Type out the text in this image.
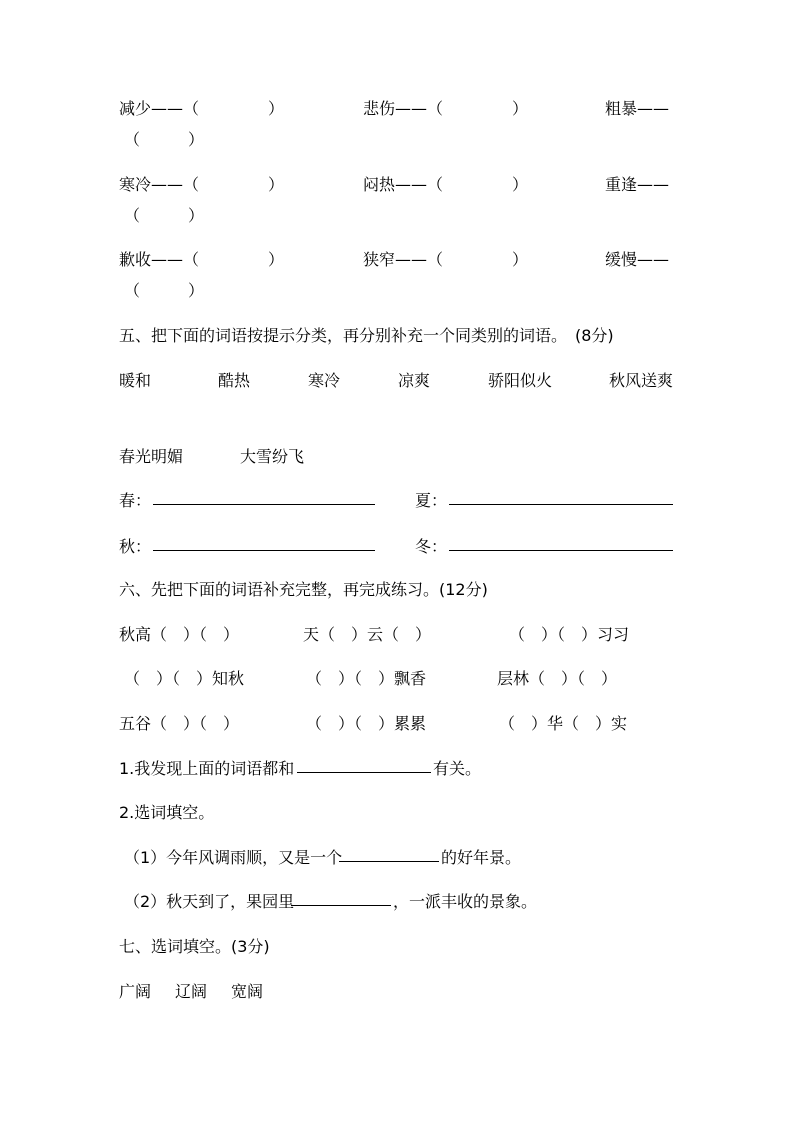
减少——（	）	悲伤——（	）	粗暴——
（　　　）
寒冷——（	）	闷热——（	）	重逢——
（　　　）
歉收——（	）	狭窄——（	）	缓慢——
（　　　）
五、把下面的词语按提示分类，再分别补充一个同类别的词语。　(8分)
暖和	酷热	寒冷	凉爽	骄阳似火	秋风送爽
春光明媚	大雪纷飞
春：	夏：
秋：	冬：
六、先把下面的词语补充完整，再完成练习。(12分)
秋高（　）（　）	天（　）云（　）	（　）（　）习习
（　）（　）知秋	（　）（　）飘香	层林（　）（　）
五谷（　）（　）	（　）（　）累累	（　）华（　）实
1.我发现上面的词语都和	有关。
2.选词填空。
（1）今年风调雨顺，又是一个	的好年景。
（2）秋天到了，果园里	，一派丰收的景象。
七、选词填空。(3分)
广阔 辽阔 宽阔
